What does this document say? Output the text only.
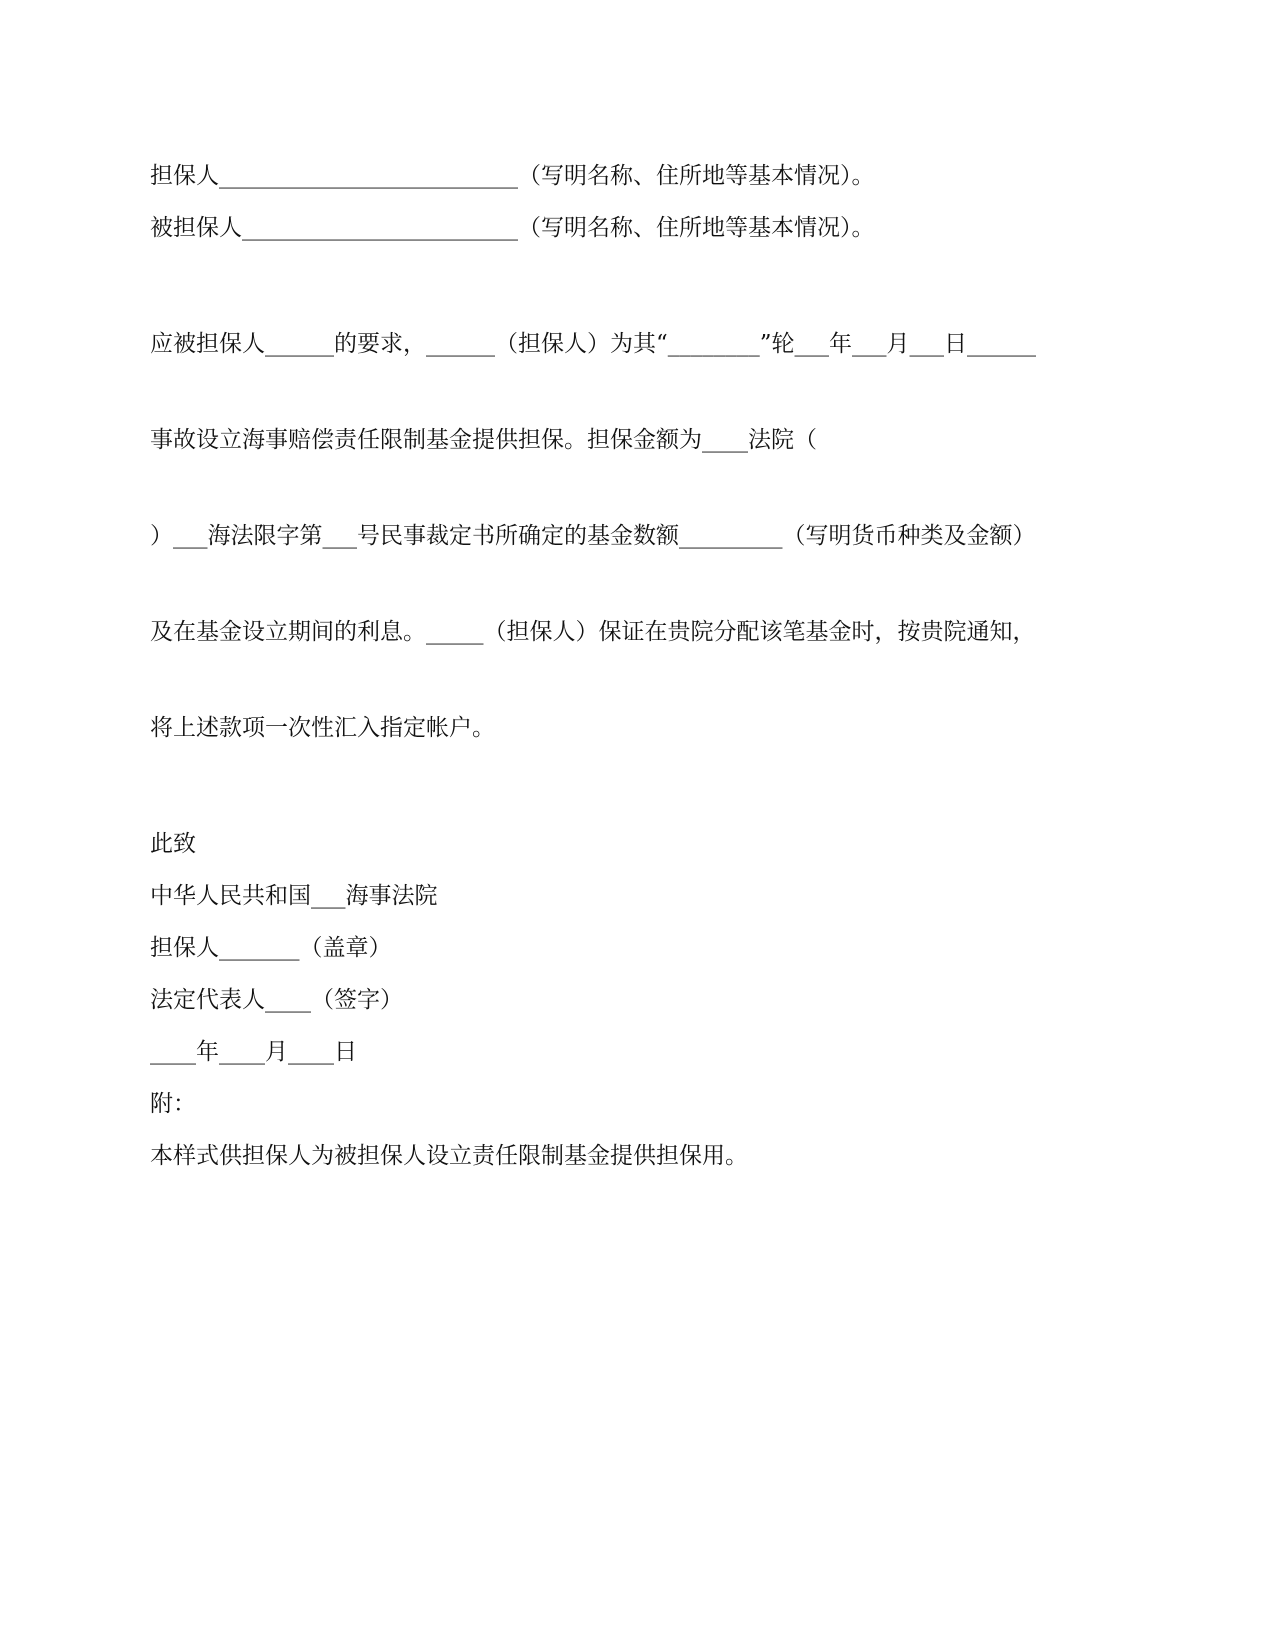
担保人__________________________（写明名称、住所地等基本情况）。

被担保人________________________（写明名称、住所地等基本情况）。

应被担保人______的要求，______（担保人）为其“________”轮___年___月___日______

事故设立海事赔偿责任限制基金提供担保。担保金额为____法院（

）___海法限字第___号民事裁定书所确定的基金数额_________（写明货币种类及金额）

及在基金设立期间的利息。_____（担保人）保证在贵院分配该笔基金时，按贵院通知，

将上述款项一次性汇入指定帐户。

此致

中华人民共和国___海事法院

担保人_______（盖章）

法定代表人____（签字）

____年____月____日

附：

本样式供担保人为被担保人设立责任限制基金提供担保用。
